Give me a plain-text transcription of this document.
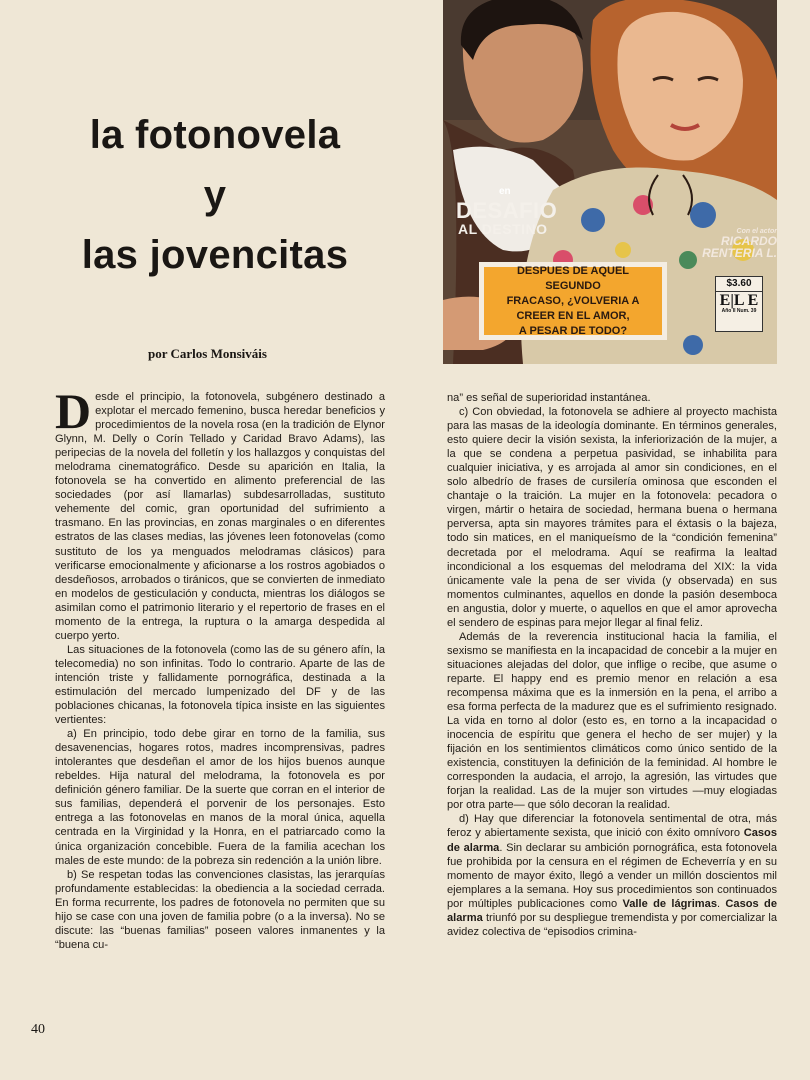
la fotonovela
y
las jovencitas
por Carlos Monsiváis
en
DESAFIO
AL DESTINO	Con el actor
RICARDO RENTERIA L.
DESPUES DE AQUEL SEGUNDO
FRACASO, ¿VOLVERIA A
CREER EN EL AMOR,
A PESAR DE TODO?
$3.60
E|L E
Año II Num. 39

Desde el principio, la fotonovela, subgénero destinado a explotar el mercado femenino, busca heredar beneficios y procedimientos de la novela rosa (en la tradición de Elynor Glynn, M. Delly o Corín Tellado y Caridad Bravo Adams), las peripecias de la novela del folletín y los hallazgos y conquistas del melodrama cinematográfico. Desde su aparición en Italia, la fotonovela se ha convertido en alimento preferencial de las sociedades (por así llamarlas) subdesarrolladas, sustituto vehemente del comic, gran oportunidad del sufrimiento a trasmano. En las provincias, en zonas marginales o en diferentes estratos de las clases medias, las jóvenes leen fotonovelas (como sustituto de los ya menguados melodramas clásicos) para verificarse emocionalmente y aficionarse a los rostros agobiados o desdeñosos, arrobados o tiránicos, que se convierten de inmediato en modelos de gesticulación y conducta, mientras los diálogos se asimilan como el patrimonio literario y el repertorio de frases en el momento de la entrega, la ruptura o la amarga despedida al cuerpo yerto.

Las situaciones de la fotonovela (como las de su género afín, la telecomedia) no son infinitas. Todo lo contrario. Aparte de las de intención triste y fallidamente pornográfica, destinada a la estimulación del mercado lumpenizado del DF y de las poblaciones chicanas, la fotonovela típica insiste en las siguientes vertientes:

a) En principio, todo debe girar en torno de la familia, sus desavenencias, hogares rotos, madres incomprensivas, padres intolerantes que desdeñan el amor de los hijos buenos aunque rebeldes. Hija natural del melodrama, la fotonovela es por definición género familiar. De la suerte que corran en el interior de sus familias, dependerá el porvenir de los personajes. Esto entrega a las fotonovelas en manos de la moral única, aquella centrada en la Virginidad y la Honra, en el patriarcado como la única organización concebible. Fuera de la familia acechan los males de este mundo: de la pobreza sin redención a la unión libre.

b) Se respetan todas las convenciones clasistas, las jerarquías profundamente establecidas: la obediencia a la sociedad cerrada. En forma recurrente, los padres de fotonovela no permiten que su hijo se case con una joven de familia pobre (o a la inversa). No se discute: las “buenas familias” poseen valores inmanentes y la “buena cu-

na” es señal de superioridad instantánea.

c) Con obviedad, la fotonovela se adhiere al proyecto machista para las masas de la ideología dominante. En términos generales, esto quiere decir la visión sexista, la inferiorización de la mujer, a la que se condena a perpetua pasividad, se inhabilita para cualquier iniciativa, y es arrojada al amor sin condiciones, en el solo albedrío de frases de cursilería ominosa que esconden el chantaje o la traición. La mujer en la fotonovela: pecadora o virgen, mártir o hetaira de sociedad, hermana buena o hermana perversa, apta sin mayores trámites para el éxtasis o la bajeza, todo sin matices, en el maniqueísmo de la “condición femenina” decretada por el melodrama. Aquí se reafirma la lealtad incondicional a los esquemas del melodrama del XIX: la vida únicamente vale la pena de ser vivida (y observada) en sus momentos culminantes, aquellos en donde la pasión desemboca en angustia, dolor y muerte, o aquellos en que el amor aprovecha el sendero de espinas para mejor llegar al final feliz.

Además de la reverencia institucional hacia la familia, el sexismo se manifiesta en la incapacidad de concebir a la mujer en situaciones alejadas del dolor, que inflige o recibe, que asume o reparte. El happy end es premio menor en relación a esa recompensa máxima que es la inmersión en la pena, el arribo a esa forma perfecta de la madurez que es el sufrimiento resignado. La vida en torno al dolor (esto es, en torno a la incapacidad o inocencia de espíritu que genera el hecho de ser mujer) y la fijación en los sentimientos climáticos como único sentido de la existencia, constituyen la definición de la feminidad. Al hombre le corresponden la audacia, el arrojo, la agresión, las virtudes que forjan la realidad. Las de la mujer son virtudes —muy elogiadas por otra parte— que sólo decoran la realidad.

d) Hay que diferenciar la fotonovela sentimental de otra, más feroz y abiertamente sexista, que inició con éxito omnívoro Casos de alarma. Sin declarar su ambición pornográfica, esta fotonovela fue prohibida por la censura en el régimen de Echeverría y en su momento de mayor éxito, llegó a vender un millón doscientos mil ejemplares a la semana. Hoy sus procedimientos son continuados por múltiples publicaciones como Valle de lágrimas. Casos de alarma triunfó por su despliegue tremendista y por comercializar la avidez colectiva de “episodios crimina-

40
